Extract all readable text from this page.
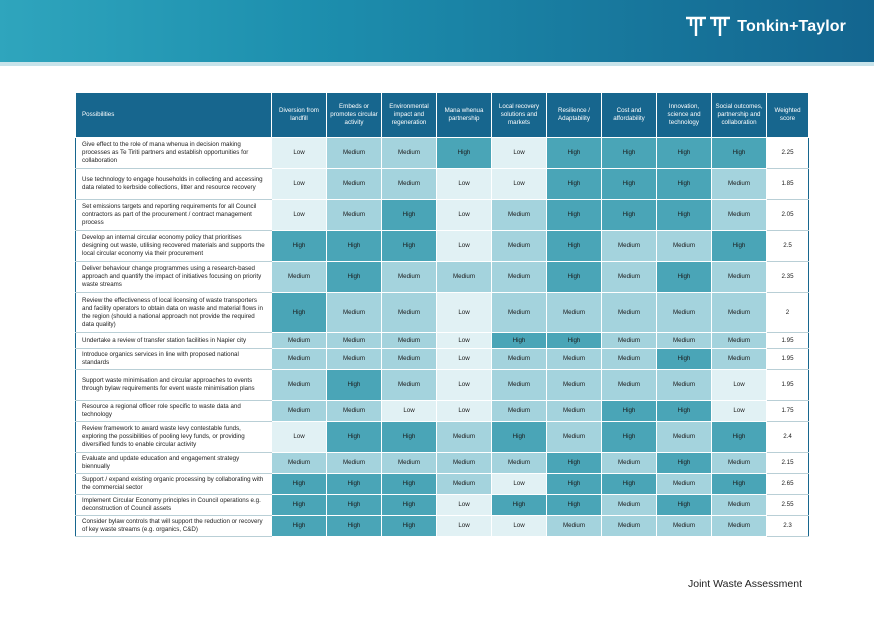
Tonkin+Taylor
Possibilities	Diversion from landfill	Embeds or promotes circular activity	Environmental impact and regeneration	Mana whenua partnership	Local recovery solutions and markets	Resilience / Adaptability	Cost and affordability	Innovation, science and technology	Social outcomes, partnership and collaboration	Weighted score
Give effect to the role of mana whenua in decision making processes as Te Tiriti partners and establish opportunities for collaboration	Low	Medium	Medium	High	Low	High	High	High	High	2.25
Use technology to engage households in collecting and accessing data related to kerbside collections, litter and resource recovery	Low	Medium	Medium	Low	Low	High	High	High	Medium	1.85
Set emissions targets and reporting requirements for all Council contractors as part of the procurement / contract management process	Low	Medium	High	Low	Medium	High	High	High	Medium	2.05
Develop an internal circular economy policy that prioritises designing out waste, utilising recovered materials and supports the local circular economy via their procurement	High	High	High	Low	Medium	High	Medium	Medium	High	2.5
Deliver behaviour change programmes using a research-based approach and quantify the impact of initiatives focusing on priority waste streams	Medium	High	Medium	Medium	Medium	High	Medium	High	Medium	2.35
Review the effectiveness of local licensing of waste transporters and facility operators to obtain data on waste and material flows in the region (should a national approach not provide the required data quality)	High	Medium	Medium	Low	Medium	Medium	Medium	Medium	Medium	2
Undertake a review of transfer station facilities in Napier city	Medium	Medium	Medium	Low	High	High	Medium	Medium	Medium	1.95
Introduce organics services in line with proposed national standards	Medium	Medium	Medium	Low	Medium	Medium	Medium	High	Medium	1.95
Support waste minimisation and circular approaches to events through bylaw requirements for event waste minimisation plans	Medium	High	Medium	Low	Medium	Medium	Medium	Medium	Low	1.95
Resource a regional officer role specific to waste data and technology	Medium	Medium	Low	Low	Medium	Medium	High	High	Low	1.75
Review framework to award waste levy contestable funds, exploring the possibilities of pooling levy funds, or providing diversified funds to enable circular activity	Low	High	High	Medium	High	Medium	High	Medium	High	2.4
Evaluate and update education and engagement strategy biennually	Medium	Medium	Medium	Medium	Medium	High	Medium	High	Medium	2.15
Support / expand existing organic processing by collaborating with the commercial sector	High	High	High	Medium	Low	High	High	Medium	High	2.65
Implement Circular Economy principles in Council operations e.g. deconstruction of Council assets	High	High	High	Low	High	High	Medium	High	Medium	2.55
Consider bylaw controls that will support the reduction or recovery of key waste streams (e.g. organics, C&D)	High	High	High	Low	Low	Medium	Medium	Medium	Medium	2.3
Joint Waste Assessment
